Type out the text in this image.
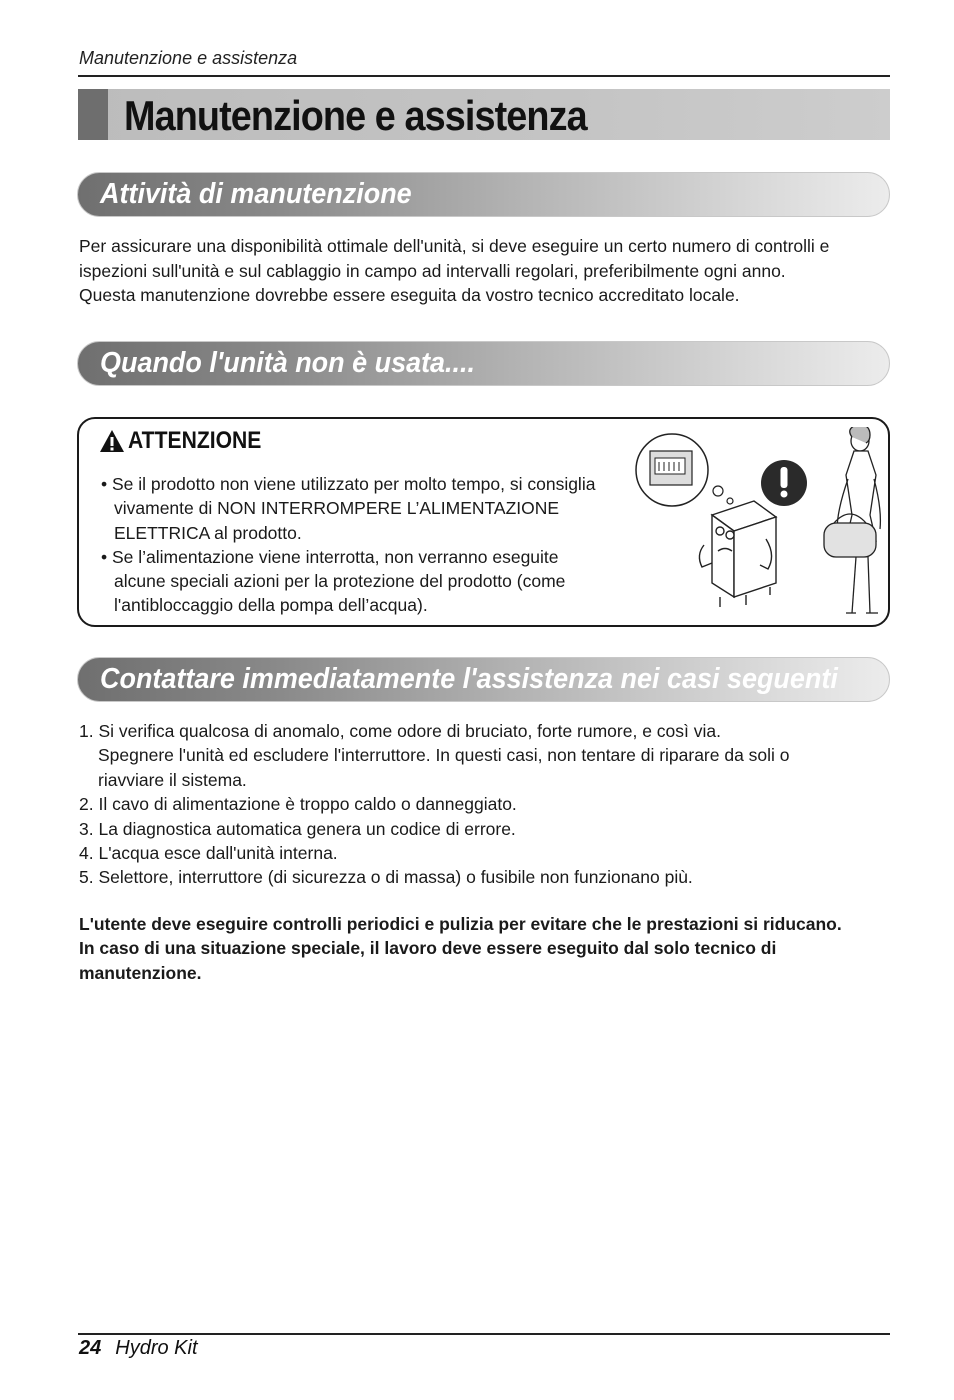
Manutenzione e assistenza
Manutenzione e assistenza
Attività di manutenzione
Per assicurare una disponibilità ottimale dell'unità, si deve eseguire un certo numero di controlli e
ispezioni sull'unità e sul cablaggio in campo ad intervalli regolari, preferibilmente ogni anno.
Questa manutenzione dovrebbe essere eseguita da vostro tecnico accreditato locale.
Quando l'unità non è usata....
ATTENZIONE
• Se il prodotto non viene utilizzato per molto tempo, si consiglia
vivamente di NON INTERROMPERE L’ALIMENTAZIONE
ELETTRICA al prodotto.
• Se l’alimentazione viene interrotta, non verranno eseguite
alcune speciali azioni per la protezione del prodotto (come
l'antibloccaggio della pompa dell’acqua).
Contattare immediatamente l'assistenza nei casi seguenti
1. Si verifica qualcosa di anomalo, come odore di bruciato, forte rumore, e così via.
Spegnere l'unità ed escludere l'interruttore. In questi casi, non tentare di riparare da soli o
riavviare il sistema.
2. Il cavo di alimentazione è troppo caldo o danneggiato.
3. La diagnostica automatica genera un codice di errore.
4. L'acqua esce dall'unità interna.
5. Selettore, interruttore (di sicurezza o di massa) o fusibile non funzionano più.
L'utente deve eseguire controlli periodici e pulizia per evitare che le prestazioni si riducano.
In caso di una situazione speciale, il lavoro deve essere eseguito dal solo tecnico di
manutenzione.
24 Hydro Kit
